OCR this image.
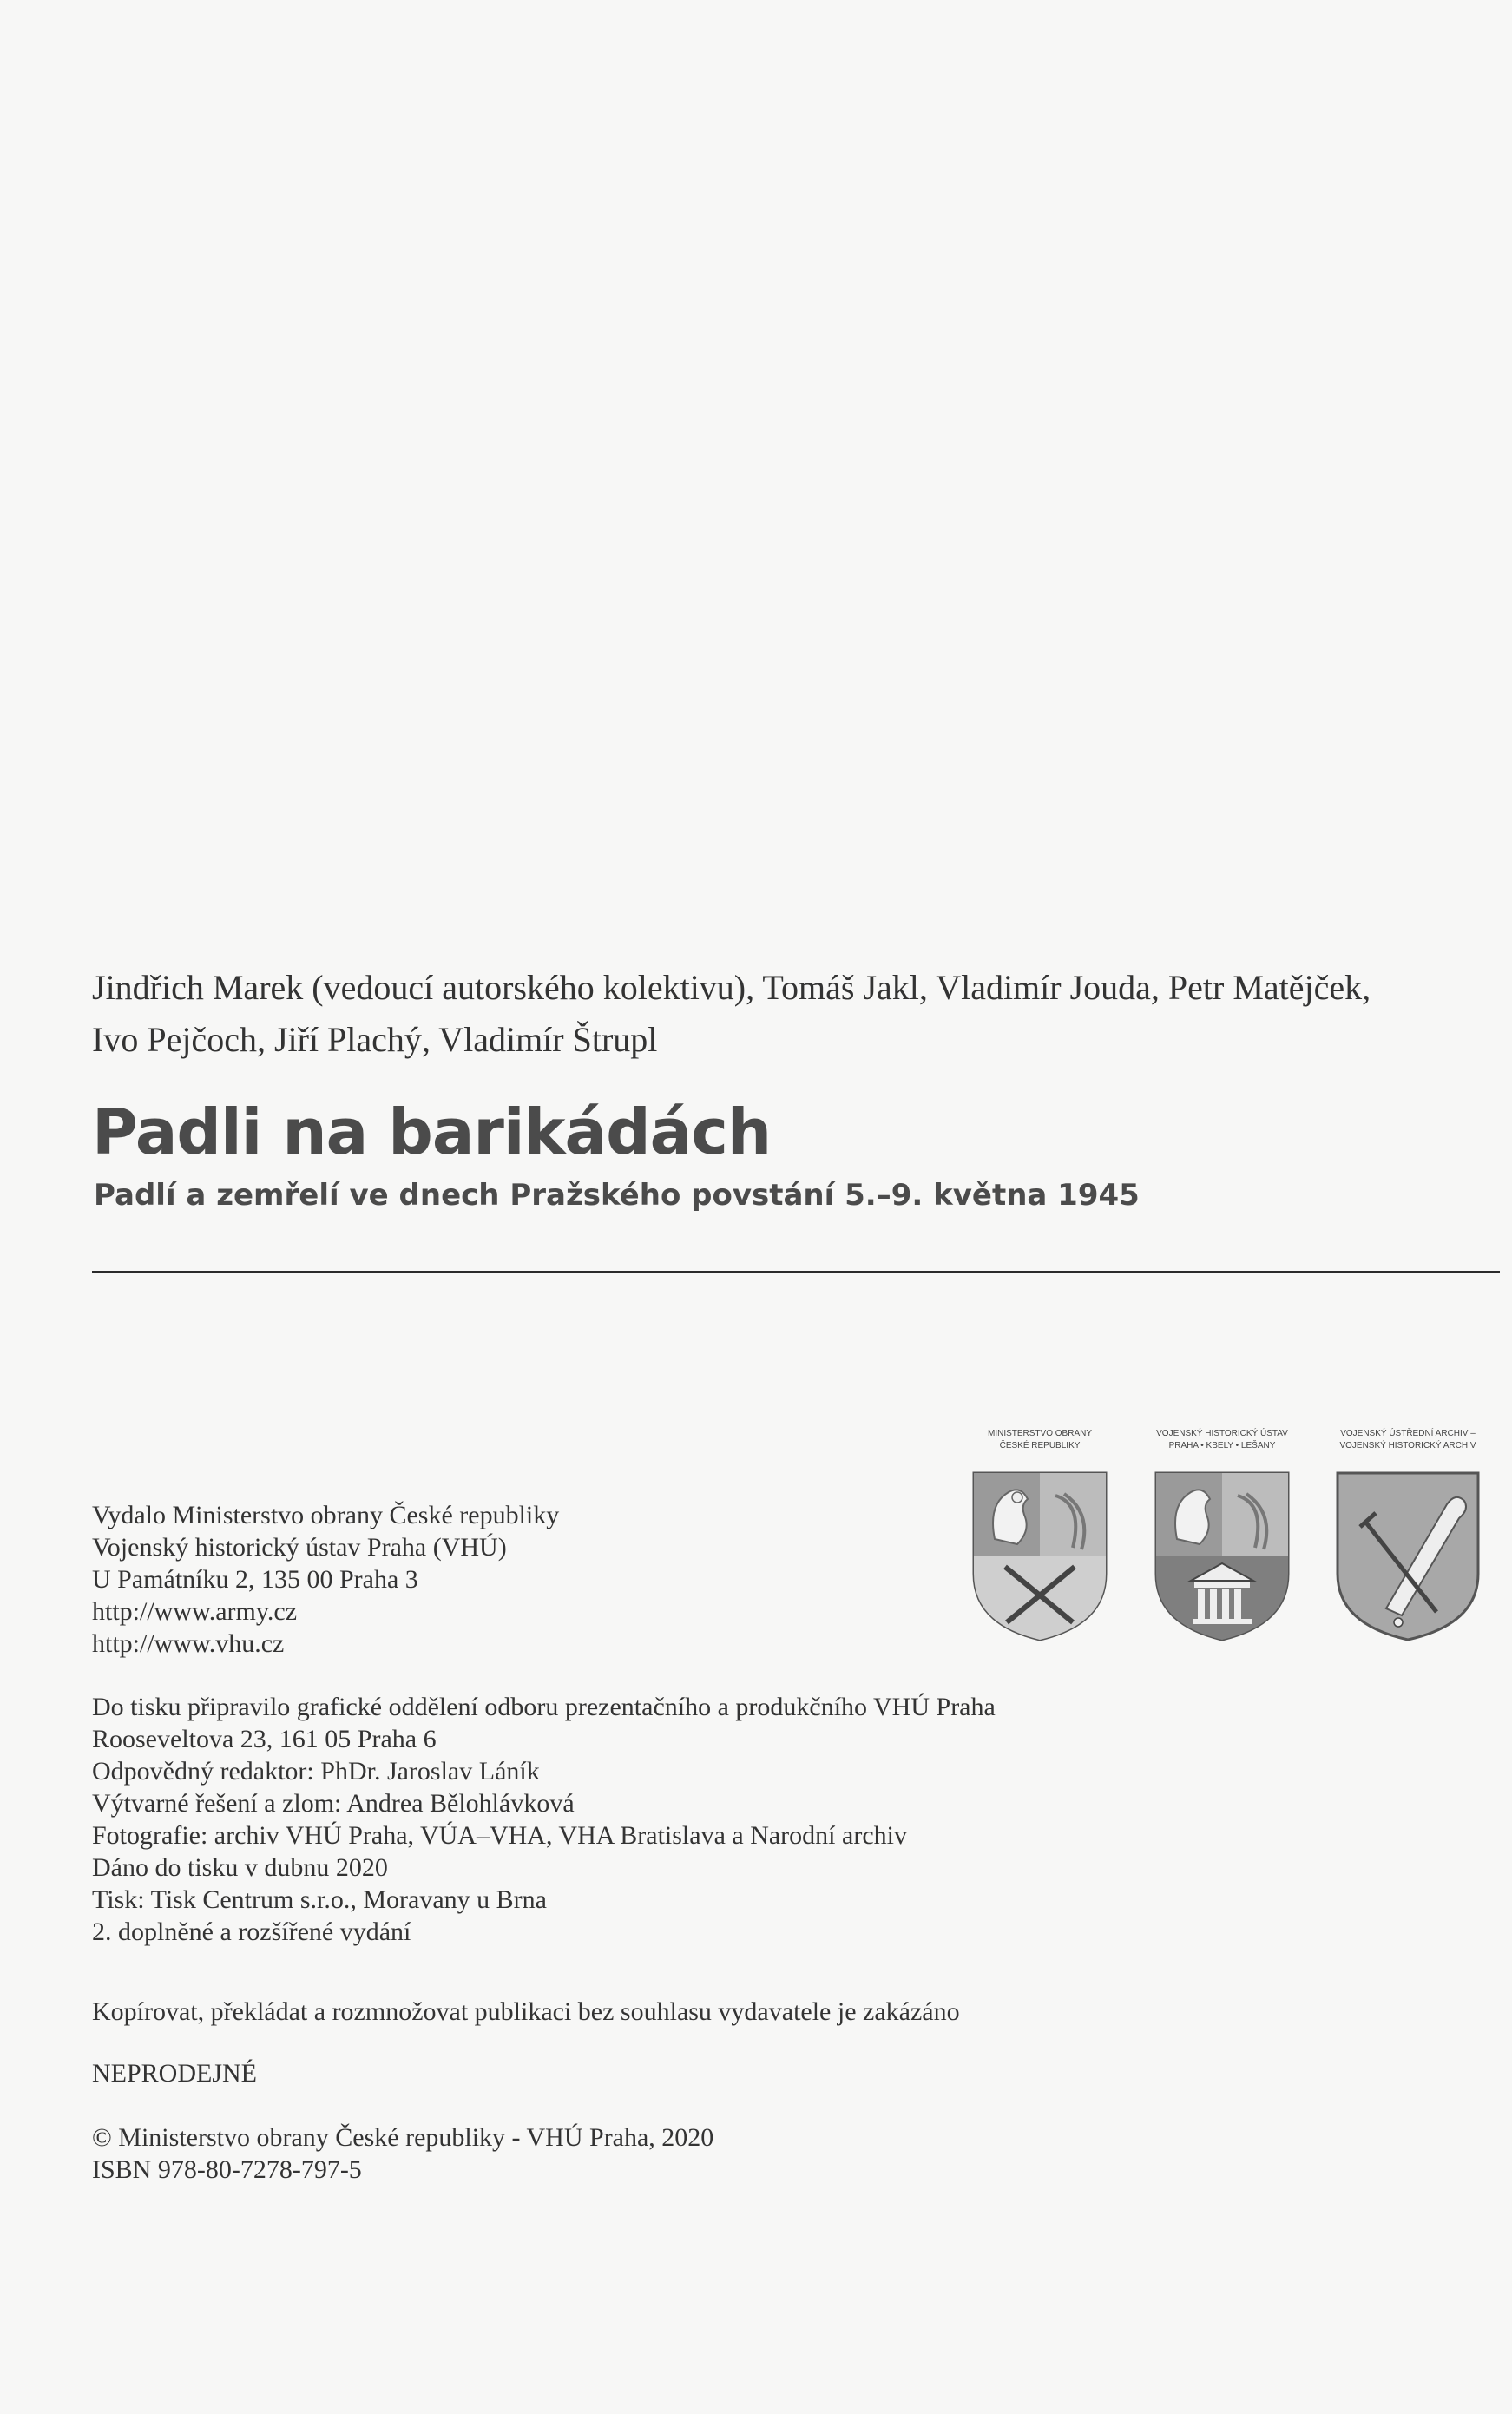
Jindřich Marek (vedoucí autorského kolektivu), Tomáš Jakl, Vladimír Jouda, Petr Matějček,
Ivo Pejčoch, Jiří Plachý, Vladimír Štrupl
Padli na barikádách
Padlí a zemřelí ve dnech Pražského povstání 5.–9. května 1945
MINISTERSTVO OBRANY
ČESKÉ REPUBLIKY
VOJENSKÝ HISTORICKÝ ÚSTAV
PRAHA • KBELY • LEŠANY
VOJENSKÝ ÚSTŘEDNÍ ARCHIV –
VOJENSKÝ HISTORICKÝ ARCHIV
Vydalo Ministerstvo obrany České republiky
Vojenský historický ústav Praha (VHÚ)
U Památníku 2, 135 00 Praha 3
http://www.army.cz
http://www.vhu.cz
Do tisku připravilo grafické oddělení odboru prezentačního a produkčního VHÚ Praha
Rooseveltova 23, 161 05 Praha 6
Odpovědný redaktor: PhDr. Jaroslav Láník
Výtvarné řešení a zlom: Andrea Bělohlávková
Fotografie: archiv VHÚ Praha, VÚA–VHA, VHA Bratislava a Narodní archiv
Dáno do tisku v dubnu 2020
Tisk: Tisk Centrum s.r.o., Moravany u Brna
2. doplněné a rozšířené vydání
Kopírovat, překládat a rozmnožovat publikaci bez souhlasu vydavatele je zakázáno
NEPRODEJNÉ
© Ministerstvo obrany České republiky - VHÚ Praha, 2020
ISBN 978-80-7278-797-5
